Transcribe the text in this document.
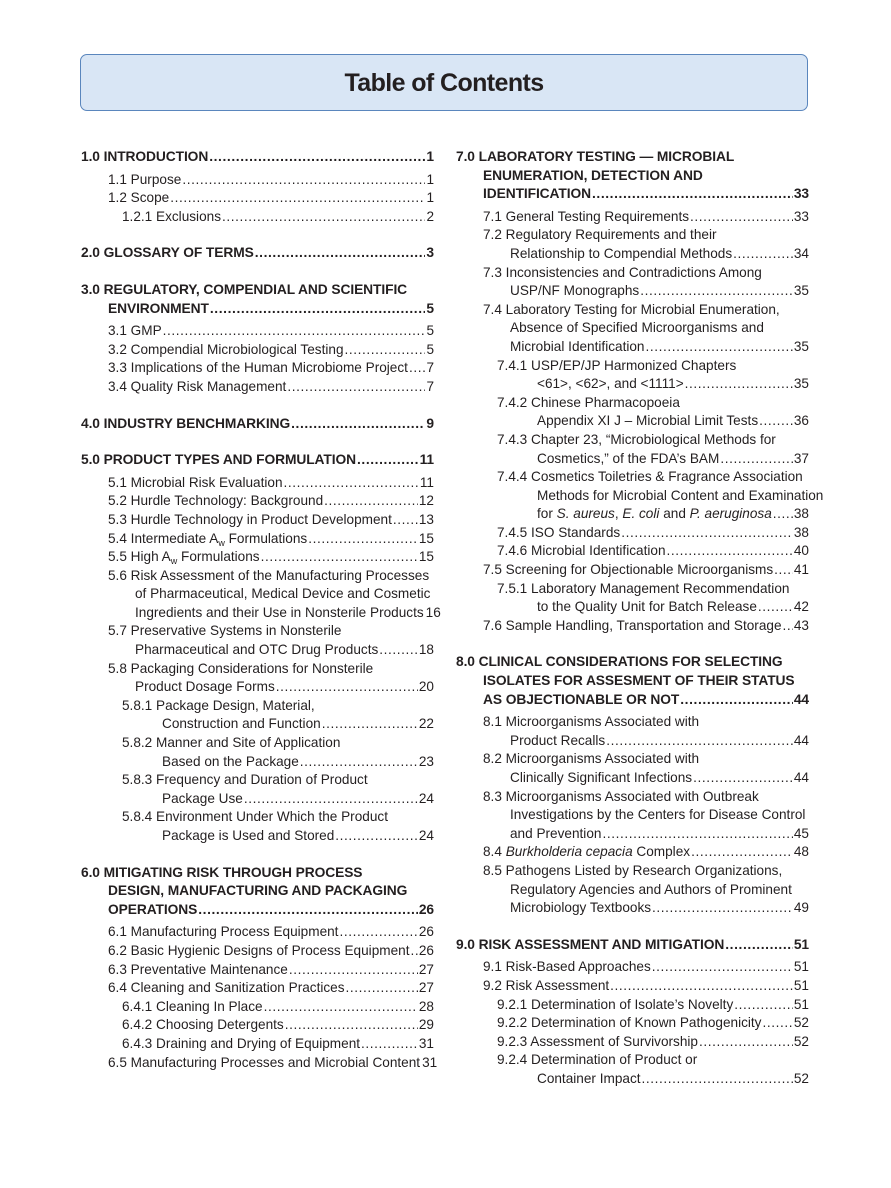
Table of Contents
1.0 INTRODUCTION .....	1
1.1 Purpose .....	1
1.2 Scope .....	1
1.2.1 Exclusions .....	2
2.0 GLOSSARY OF TERMS .....	3
3.0 REGULATORY, COMPENDIAL AND SCIENTIFIC
ENVIRONMENT .....	5
3.1 GMP .....	5
3.2 Compendial Microbiological Testing .....	5
3.3 Implications of the Human Microbiome Project ..... 7
3.4 Quality Risk Management .....	7
4.0 INDUSTRY BENCHMARKING .....	9
5.0 PRODUCT TYPES AND FORMULATION .....	11
5.1 Microbial Risk Evaluation .....	11
5.2 Hurdle Technology: Background .....	12
5.3 Hurdle Technology in Product Development ..... 13
5.4 Intermediate $A_w$ Formulations .....	15
5.5 High $A_w$ Formulations .....	15
5.6 Risk Assessment of the Manufacturing Processes
of Pharmaceutical, Medical Device and Cosmetic
Ingredients and their Use in Nonsterile Products 16
5.7 Preservative Systems in Nonsterile
Pharmaceutical and OTC Drug Products .....	18
5.8 Packaging Considerations for Nonsterile
Product Dosage Forms .....	20
5.8.1 Package Design, Material,
Construction and Function .....	22
5.8.2 Manner and Site of Application
Based on the Package .....	23
5.8.3 Frequency and Duration of Product
Package Use .....	24
5.8.4 Environment Under Which the Product
Package is Used and Stored .....	24
6.0 MITIGATING RISK THROUGH PROCESS
DESIGN, MANUFACTURING AND PACKAGING
OPERATIONS .....	26
6.1 Manufacturing Process Equipment .....	26
6.2 Basic Hygienic Designs of Process Equipment ..... 26
6.3 Preventative Maintenance .....	27
6.4 Cleaning and Sanitization Practices .....	27
6.4.1 Cleaning In Place .....	28
6.4.2 Choosing Detergents .....	29
6.4.3 Draining and Drying of Equipment .....	31
6.5 Manufacturing Processes and Microbial Content 31
7.0 LABORATORY TESTING — MICROBIAL
ENUMERATION, DETECTION AND
IDENTIFICATION .....	33
7.1 General Testing Requirements .....	33
7.2 Regulatory Requirements and their
Relationship to Compendial Methods .....	34
7.3 Inconsistencies and Contradictions Among
USP/NF Monographs .....	35
7.4 Laboratory Testing for Microbial Enumeration,
Absence of Specified Microorganisms and
Microbial Identification .....	35
7.4.1 USP/EP/JP Harmonized Chapters
<61>, <62>, and <1111> .....	35
7.4.2 Chinese Pharmacopoeia
Appendix XI J – Microbial Limit Tests .....	36
7.4.3 Chapter 23, “Microbiological Methods for
Cosmetics,” of the FDA’s BAM .....	37
7.4.4 Cosmetics Toiletries & Fragrance Association
Methods for Microbial Content and Examination
for S. aureus, E. coli and P. aeruginosa ..... 38
7.4.5 ISO Standards .....	38
7.4.6 Microbial Identification .....	40
7.5 Screening for Objectionable Microorganisms ..... 41
7.5.1 Laboratory Management Recommendation
to the Quality Unit for Batch Release .....	42
7.6 Sample Handling, Transportation and Storage ..... 43
8.0 CLINICAL CONSIDERATIONS FOR SELECTING
ISOLATES FOR ASSESMENT OF THEIR STATUS
AS OBJECTIONABLE OR NOT .....	44
8.1 Microorganisms Associated with
Product Recalls .....	44
8.2 Microorganisms Associated with
Clinically Significant Infections .....	44
8.3 Microorganisms Associated with Outbreak
Investigations by the Centers for Disease Control
and Prevention .....	45
8.4 Burkholderia cepacia Complex .....	48
8.5 Pathogens Listed by Research Organizations,
Regulatory Agencies and Authors of Prominent
Microbiology Textbooks .....	49
9.0 RISK ASSESSMENT AND MITIGATION .....	51
9.1 Risk-Based Approaches .....	51
9.2 Risk Assessment .....	51
9.2.1 Determination of Isolate’s Novelty .....	51
9.2.2 Determination of Known Pathogenicity ..... 52
9.2.3 Assessment of Survivorship .....	52
9.2.4 Determination of Product or
Container Impact .....	52
